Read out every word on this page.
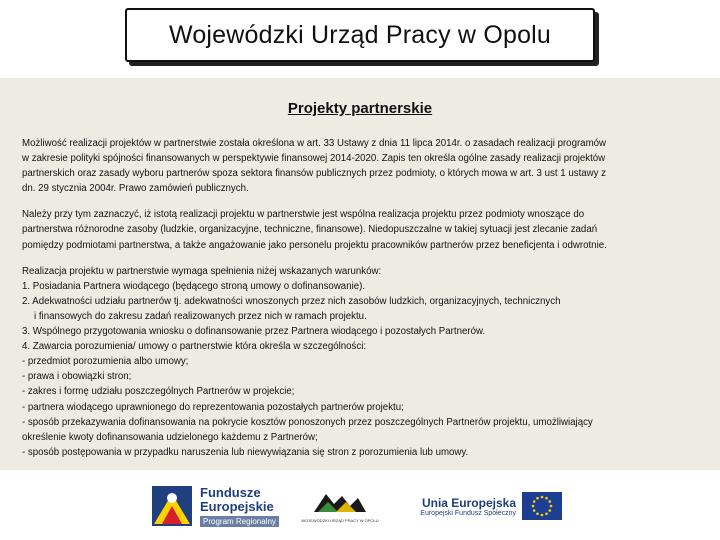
Wojewódzki Urząd Pracy w Opolu
Projekty partnerskie

Możliwość realizacji projektów w partnerstwie została określona w art. 33 Ustawy z dnia 11 lipca 2014r. o zasadach realizacji programów
w zakresie polityki spójności finansowanych w perspektywie finansowej 2014-2020. Zapis ten określa ogólne zasady realizacji projektów
partnerskich oraz zasady wyboru partnerów spoza sektora finansów publicznych przez podmioty, o których mowa w art. 3 ust 1 ustawy z
dn. 29 stycznia 2004r. Prawo zamówień publicznych.

Należy przy tym zaznaczyć, iż istotą realizacji projektu w partnerstwie jest wspólna realizacja projektu przez podmioty wnoszące do
partnerstwa różnorodne zasoby (ludzkie, organizacyjne, techniczne, finansowe). Niedopuszczalne w takiej sytuacji jest zlecanie zadań
pomiędzy podmiotami partnerstwa, a także angażowanie jako personelu projektu pracowników partnerów przez beneficjenta i odwrotnie.

Realizacja projektu w partnerstwie wymaga spełnienia niżej wskazanych warunków:
1. Posiadania Partnera wiodącego (będącego stroną umowy o dofinansowanie).
2. Adekwatności udziału partnerów tj. adekwatności wnoszonych przez nich zasobów ludzkich, organizacyjnych, technicznych
i finansowych do zakresu zadań realizowanych przez nich w ramach projektu.
3. Wspólnego przygotowania wniosku o dofinansowanie przez Partnera wiodącego i pozostałych Partnerów.
4. Zawarcia porozumienia/ umowy o partnerstwie która określa w szczególności:
- przedmiot porozumienia albo umowy;
- prawa i obowiązki stron;
- zakres i formę udziału poszczególnych Partnerów w projekcie;
- partnera wiodącego uprawnionego do reprezentowania pozostałych partnerów projektu;
- sposób przekazywania dofinansowania na pokrycie kosztów ponoszonych przez poszczególnych Partnerów projektu, umożliwiający
określenie kwoty dofinansowania udzielonego każdemu z Partnerów;
- sposób postępowania w przypadku naruszenia lub niewywiązania się stron z porozumienia lub umowy.

Fundusze
Europejskie
Program Regionalny	WOJEWÓDZKI URZĄD PRACY W OPOLU
Unia Europejska
Europejski Fundusz Społeczny
